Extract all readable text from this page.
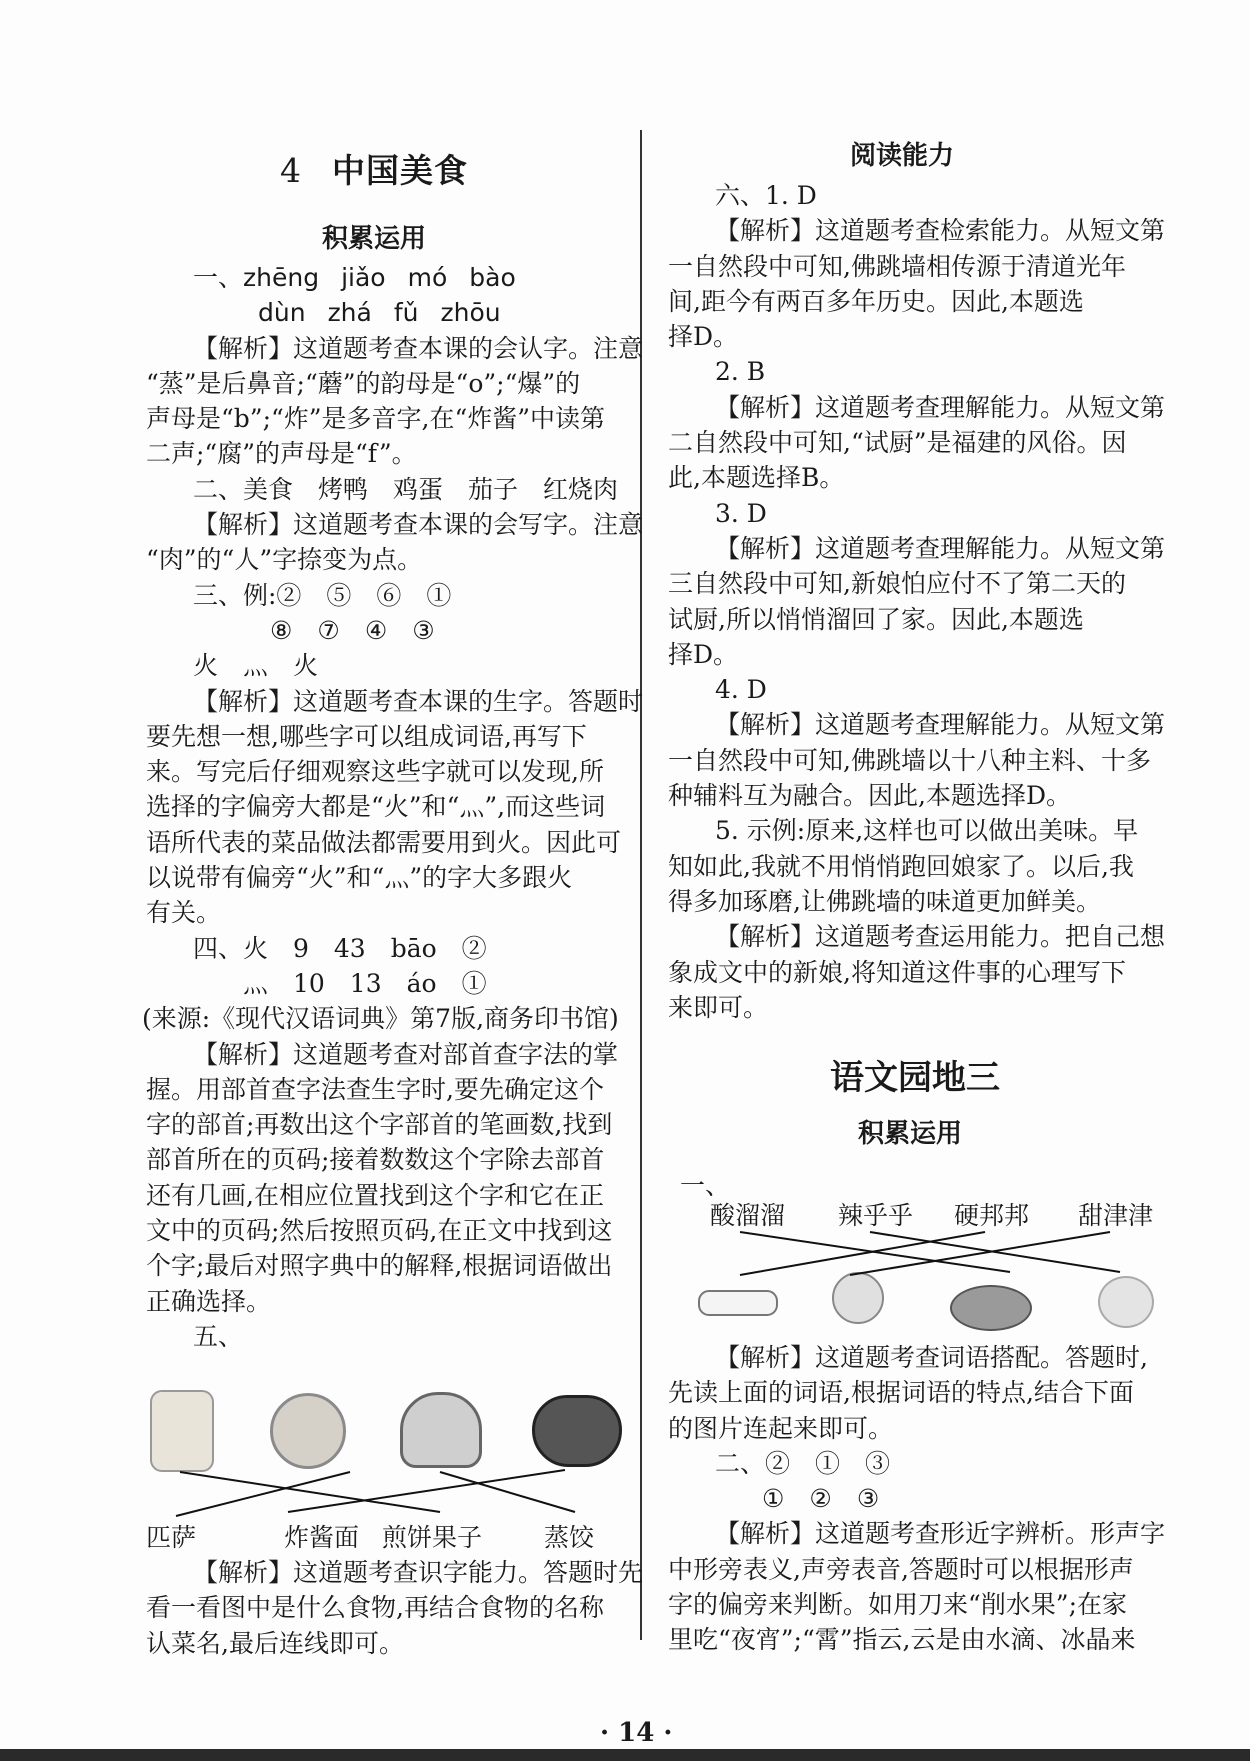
4 中国美食
积累运用
阅读能力
语文园地三
积累运用

一、zhēng jiǎo mó bào

dùn zhá fǔ zhōu

【解析】这道题考查本课的会认字。注意

“蒸”是后鼻音;“蘑”的韵母是“o”;“爆”的

声母是“b”;“炸”是多音字,在“炸酱”中读第

二声;“腐”的声母是“f”。

二、美食　烤鸭　鸡蛋　茄子　红烧肉

【解析】这道题考查本课的会写字。注意

“肉”的“人”字捺变为点。

三、例:②　⑤　⑥　①

⑧　⑦　④　③

火　灬　火

【解析】这道题考查本课的生字。答题时

要先想一想,哪些字可以组成词语,再写下

来。写完后仔细观察这些字就可以发现,所

选择的字偏旁大都是“火”和“灬”,而这些词

语所代表的菜品做法都需要用到火。因此可

以说带有偏旁“火”和“灬”的字大多跟火

有关。

四、火　9　43　bāo　②

灬　10　13　áo　①

(来源:《现代汉语词典》第7版,商务印书馆)

【解析】这道题考查对部首查字法的掌

握。用部首查字法查生字时,要先确定这个

字的部首;再数出这个字部首的笔画数,找到

部首所在的页码;接着数数这个字除去部首

还有几画,在相应位置找到这个字和它在正

文中的页码;然后按照页码,在正文中找到这

个字;最后对照字典中的解释,根据词语做出

正确选择。

五、

匹萨	炸酱面 煎饼果子 蒸饺

【解析】这道题考查识字能力。答题时先

看一看图中是什么食物,再结合食物的名称

认菜名,最后连线即可。

六、1. D

【解析】这道题考查检索能力。从短文第

一自然段中可知,佛跳墙相传源于清道光年

间,距今有两百多年历史。因此,本题选

择D。

2. B

【解析】这道题考查理解能力。从短文第

二自然段中可知,“试厨”是福建的风俗。因

此,本题选择B。

3. D

【解析】这道题考查理解能力。从短文第

三自然段中可知,新娘怕应付不了第二天的

试厨,所以悄悄溜回了家。因此,本题选

择D。

4. D

【解析】这道题考查理解能力。从短文第

一自然段中可知,佛跳墙以十八种主料、十多

种辅料互为融合。因此,本题选择D。

5. 示例:原来,这样也可以做出美味。早

知如此,我就不用悄悄跑回娘家了。以后,我

得多加琢磨,让佛跳墙的味道更加鲜美。

【解析】这道题考查运用能力。把自己想

象成文中的新娘,将知道这件事的心理写下

来即可。

一、
酸溜溜 辣乎乎 硬邦邦 甜津津

【解析】这道题考查词语搭配。答题时,

先读上面的词语,根据词语的特点,结合下面

的图片连起来即可。

二、②　①　③

①　②　③

【解析】这道题考查形近字辨析。形声字

中形旁表义,声旁表音,答题时可以根据形声

字的偏旁来判断。如用刀来“削水果”;在家

里吃“夜宵”;“霄”指云,云是由水滴、冰晶来

· 14 ·
